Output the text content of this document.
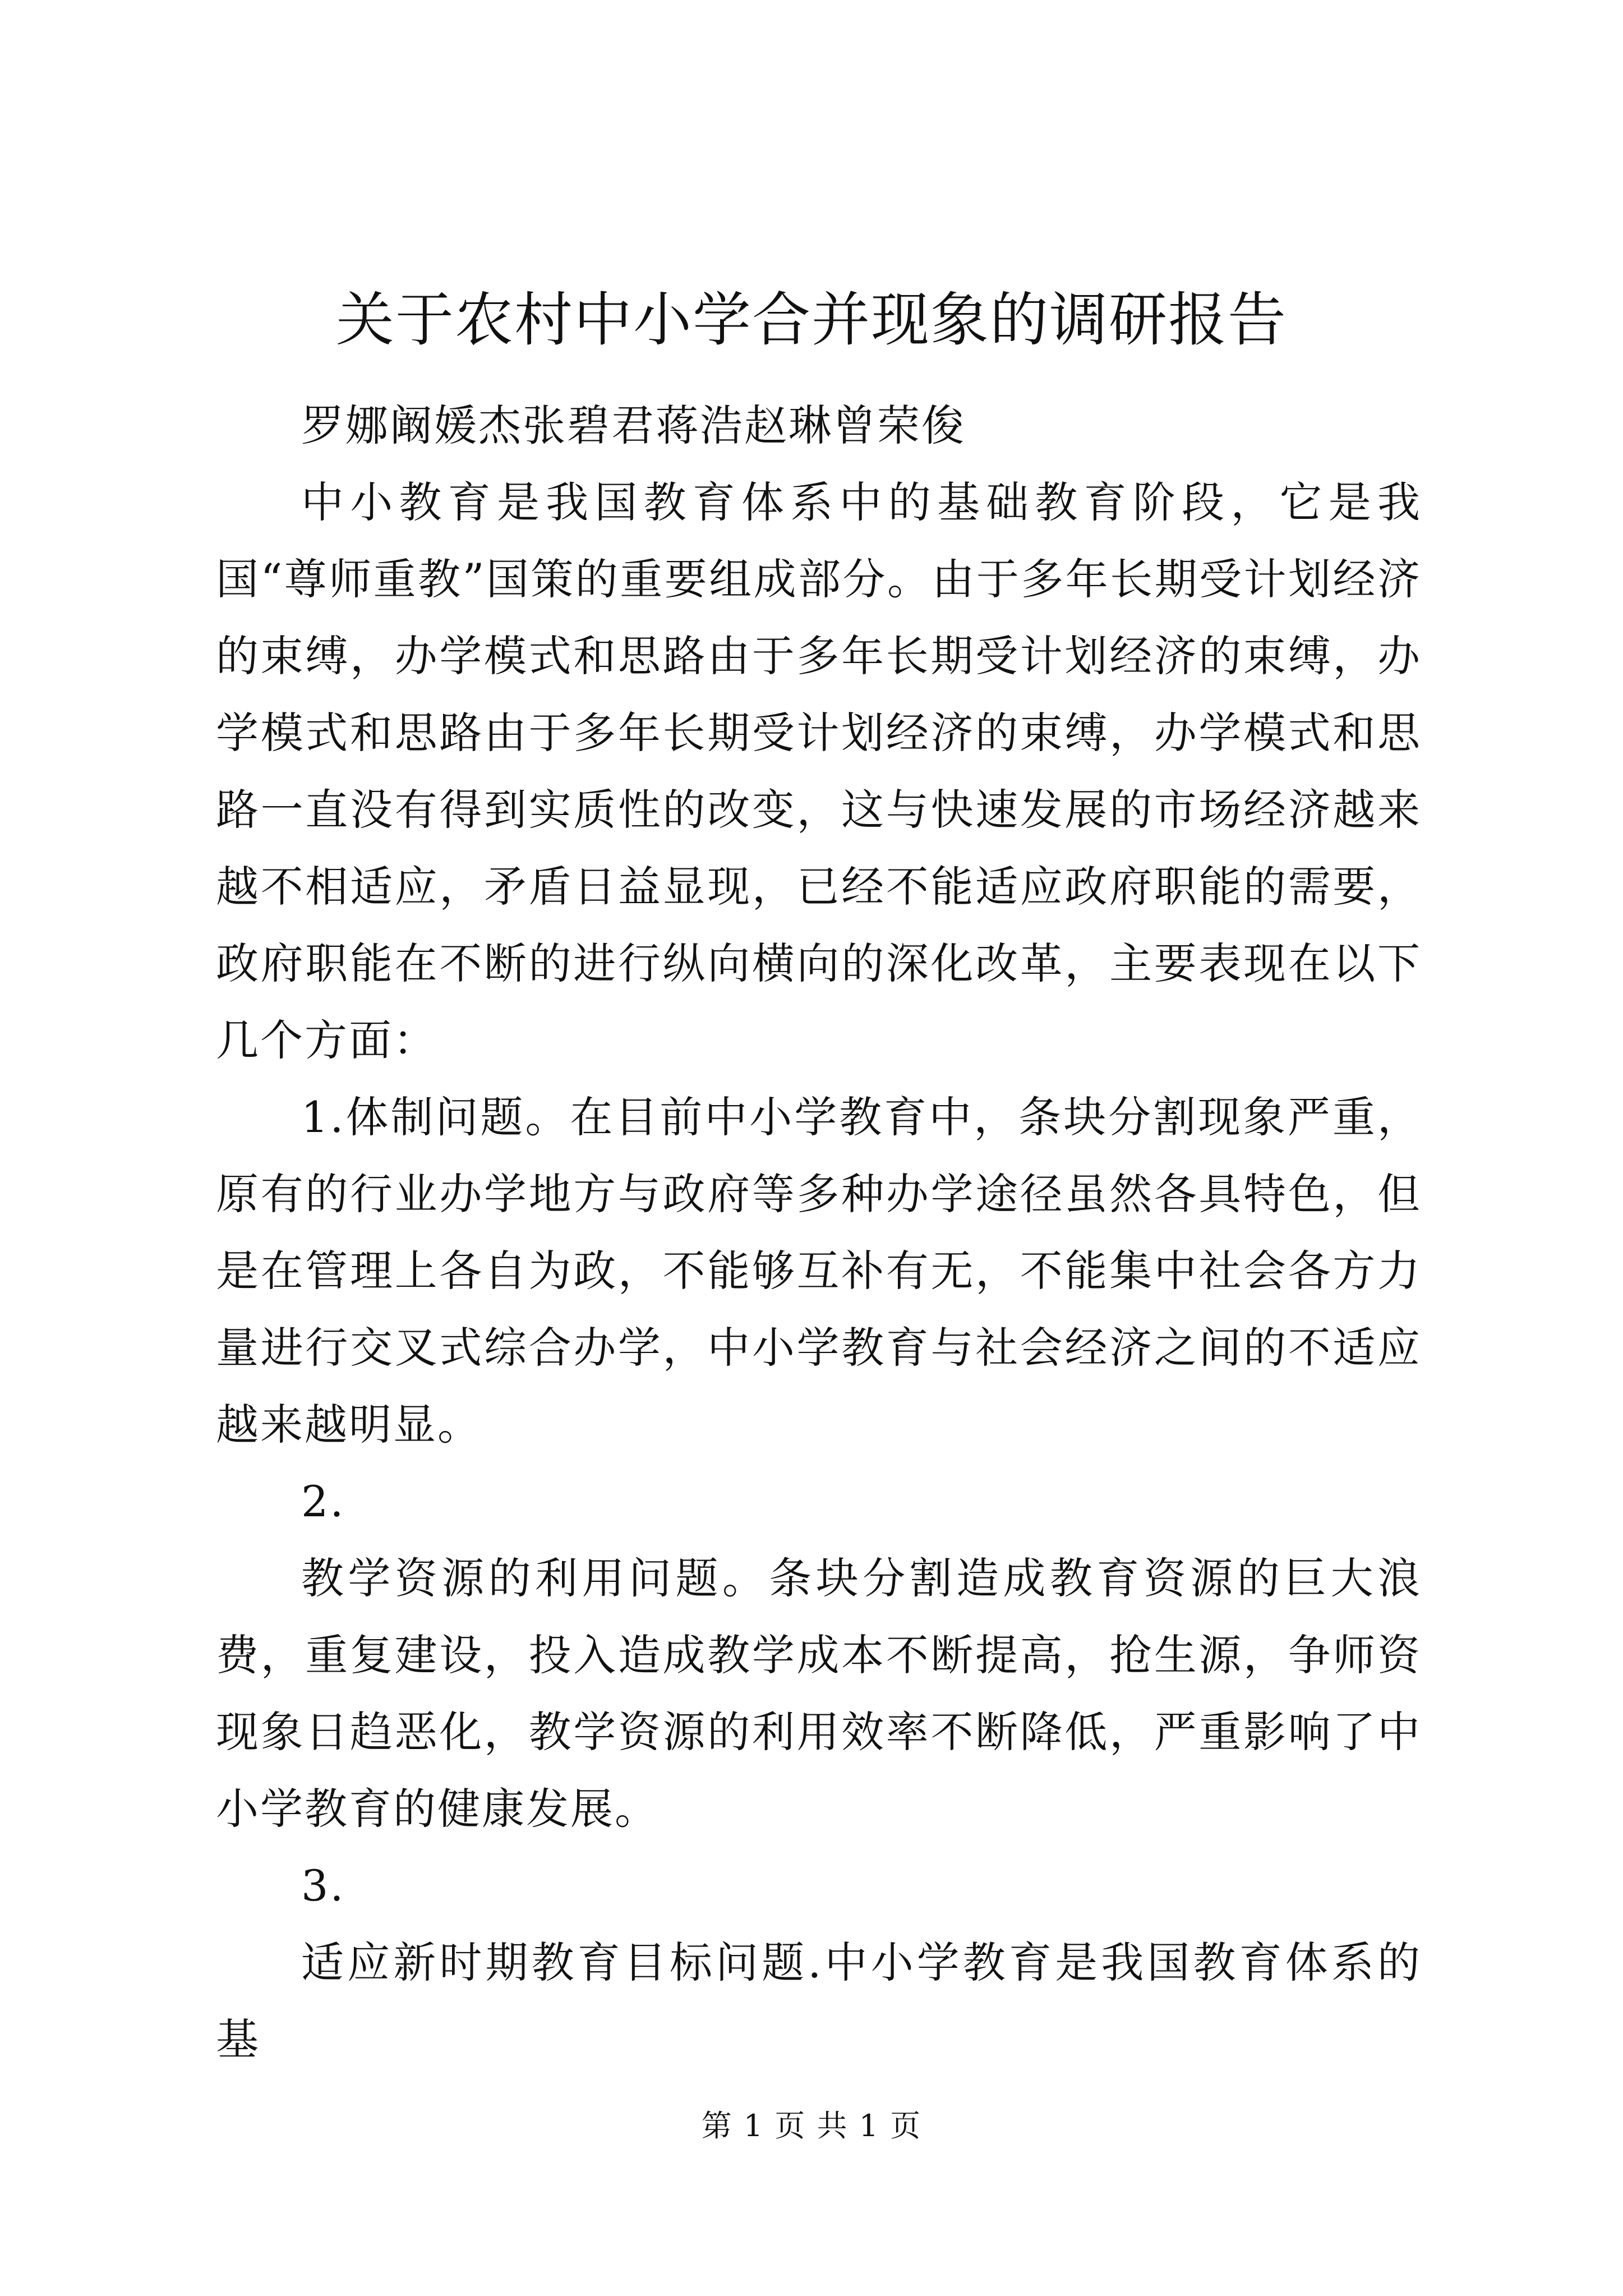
关于农村中小学合并现象的调研报告

罗娜阚媛杰张碧君蒋浩赵琳曾荣俊

中小教育是我国教育体系中的基础教育阶段，它是我国“尊师重教”国策的重要组成部分。由于多年长期受计划经济的束缚，办学模式和思路由于多年长期受计划经济的束缚，办学模式和思路由于多年长期受计划经济的束缚，办学模式和思路一直没有得到实质性的改变，这与快速发展的市场经济越来越不相适应，矛盾日益显现，已经不能适应政府职能的需要，政府职能在不断的进行纵向横向的深化改革，主要表现在以下几个方面：

1.体制问题。在目前中小学教育中，条块分割现象严重，原有的行业办学地方与政府等多种办学途径虽然各具特色，但是在管理上各自为政，不能够互补有无，不能集中社会各方力量进行交叉式综合办学，中小学教育与社会经济之间的不适应越来越明显。

2.

教学资源的利用问题。条块分割造成教育资源的巨大浪费，重复建设，投入造成教学成本不断提高，抢生源，争师资现象日趋恶化，教学资源的利用效率不断降低，严重影响了中小学教育的健康发展。

3.

适应新时期教育目标问题.中小学教育是我国教育体系的基

第 1 页 共 1 页
